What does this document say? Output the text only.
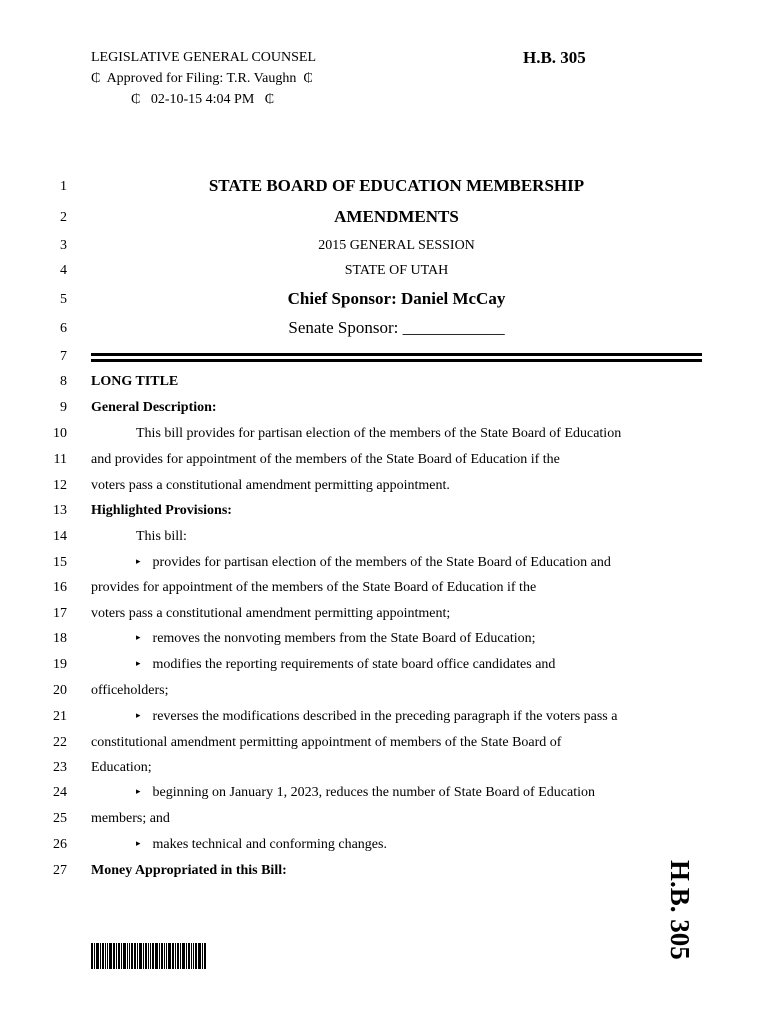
LEGISLATIVE GENERAL COUNSEL
₵  Approved for Filing: T.R. Vaughn  ₵
₵   02-10-15 4:04 PM   ₵
H.B. 305
1	STATE BOARD OF EDUCATION MEMBERSHIP
2	AMENDMENTS
3	2015 GENERAL SESSION
4	STATE OF UTAH
5	Chief Sponsor: Daniel McCay
6	Senate Sponsor: ____________
7
8 LONG TITLE
9 General Description:
10	This bill provides for partisan election of the members of the State Board of Education
11 and provides for appointment of the members of the State Board of Education if the
12 voters pass a constitutional amendment permitting appointment.
13 Highlighted Provisions:
14	This bill:
15	▸ provides for partisan election of the members of the State Board of Education and
16 provides for appointment of the members of the State Board of Education if the
17 voters pass a constitutional amendment permitting appointment;
18	▸ removes the nonvoting members from the State Board of Education;
19	▸ modifies the reporting requirements of state board office candidates and
20 officeholders;
21	▸ reverses the modifications described in the preceding paragraph if the voters pass a
22 constitutional amendment permitting appointment of members of the State Board of
23 Education;
24	▸ beginning on January 1, 2023, reduces the number of State Board of Education
25 members; and
26	▸ makes technical and conforming changes.
27 Money Appropriated in this Bill:	H.B. 305
